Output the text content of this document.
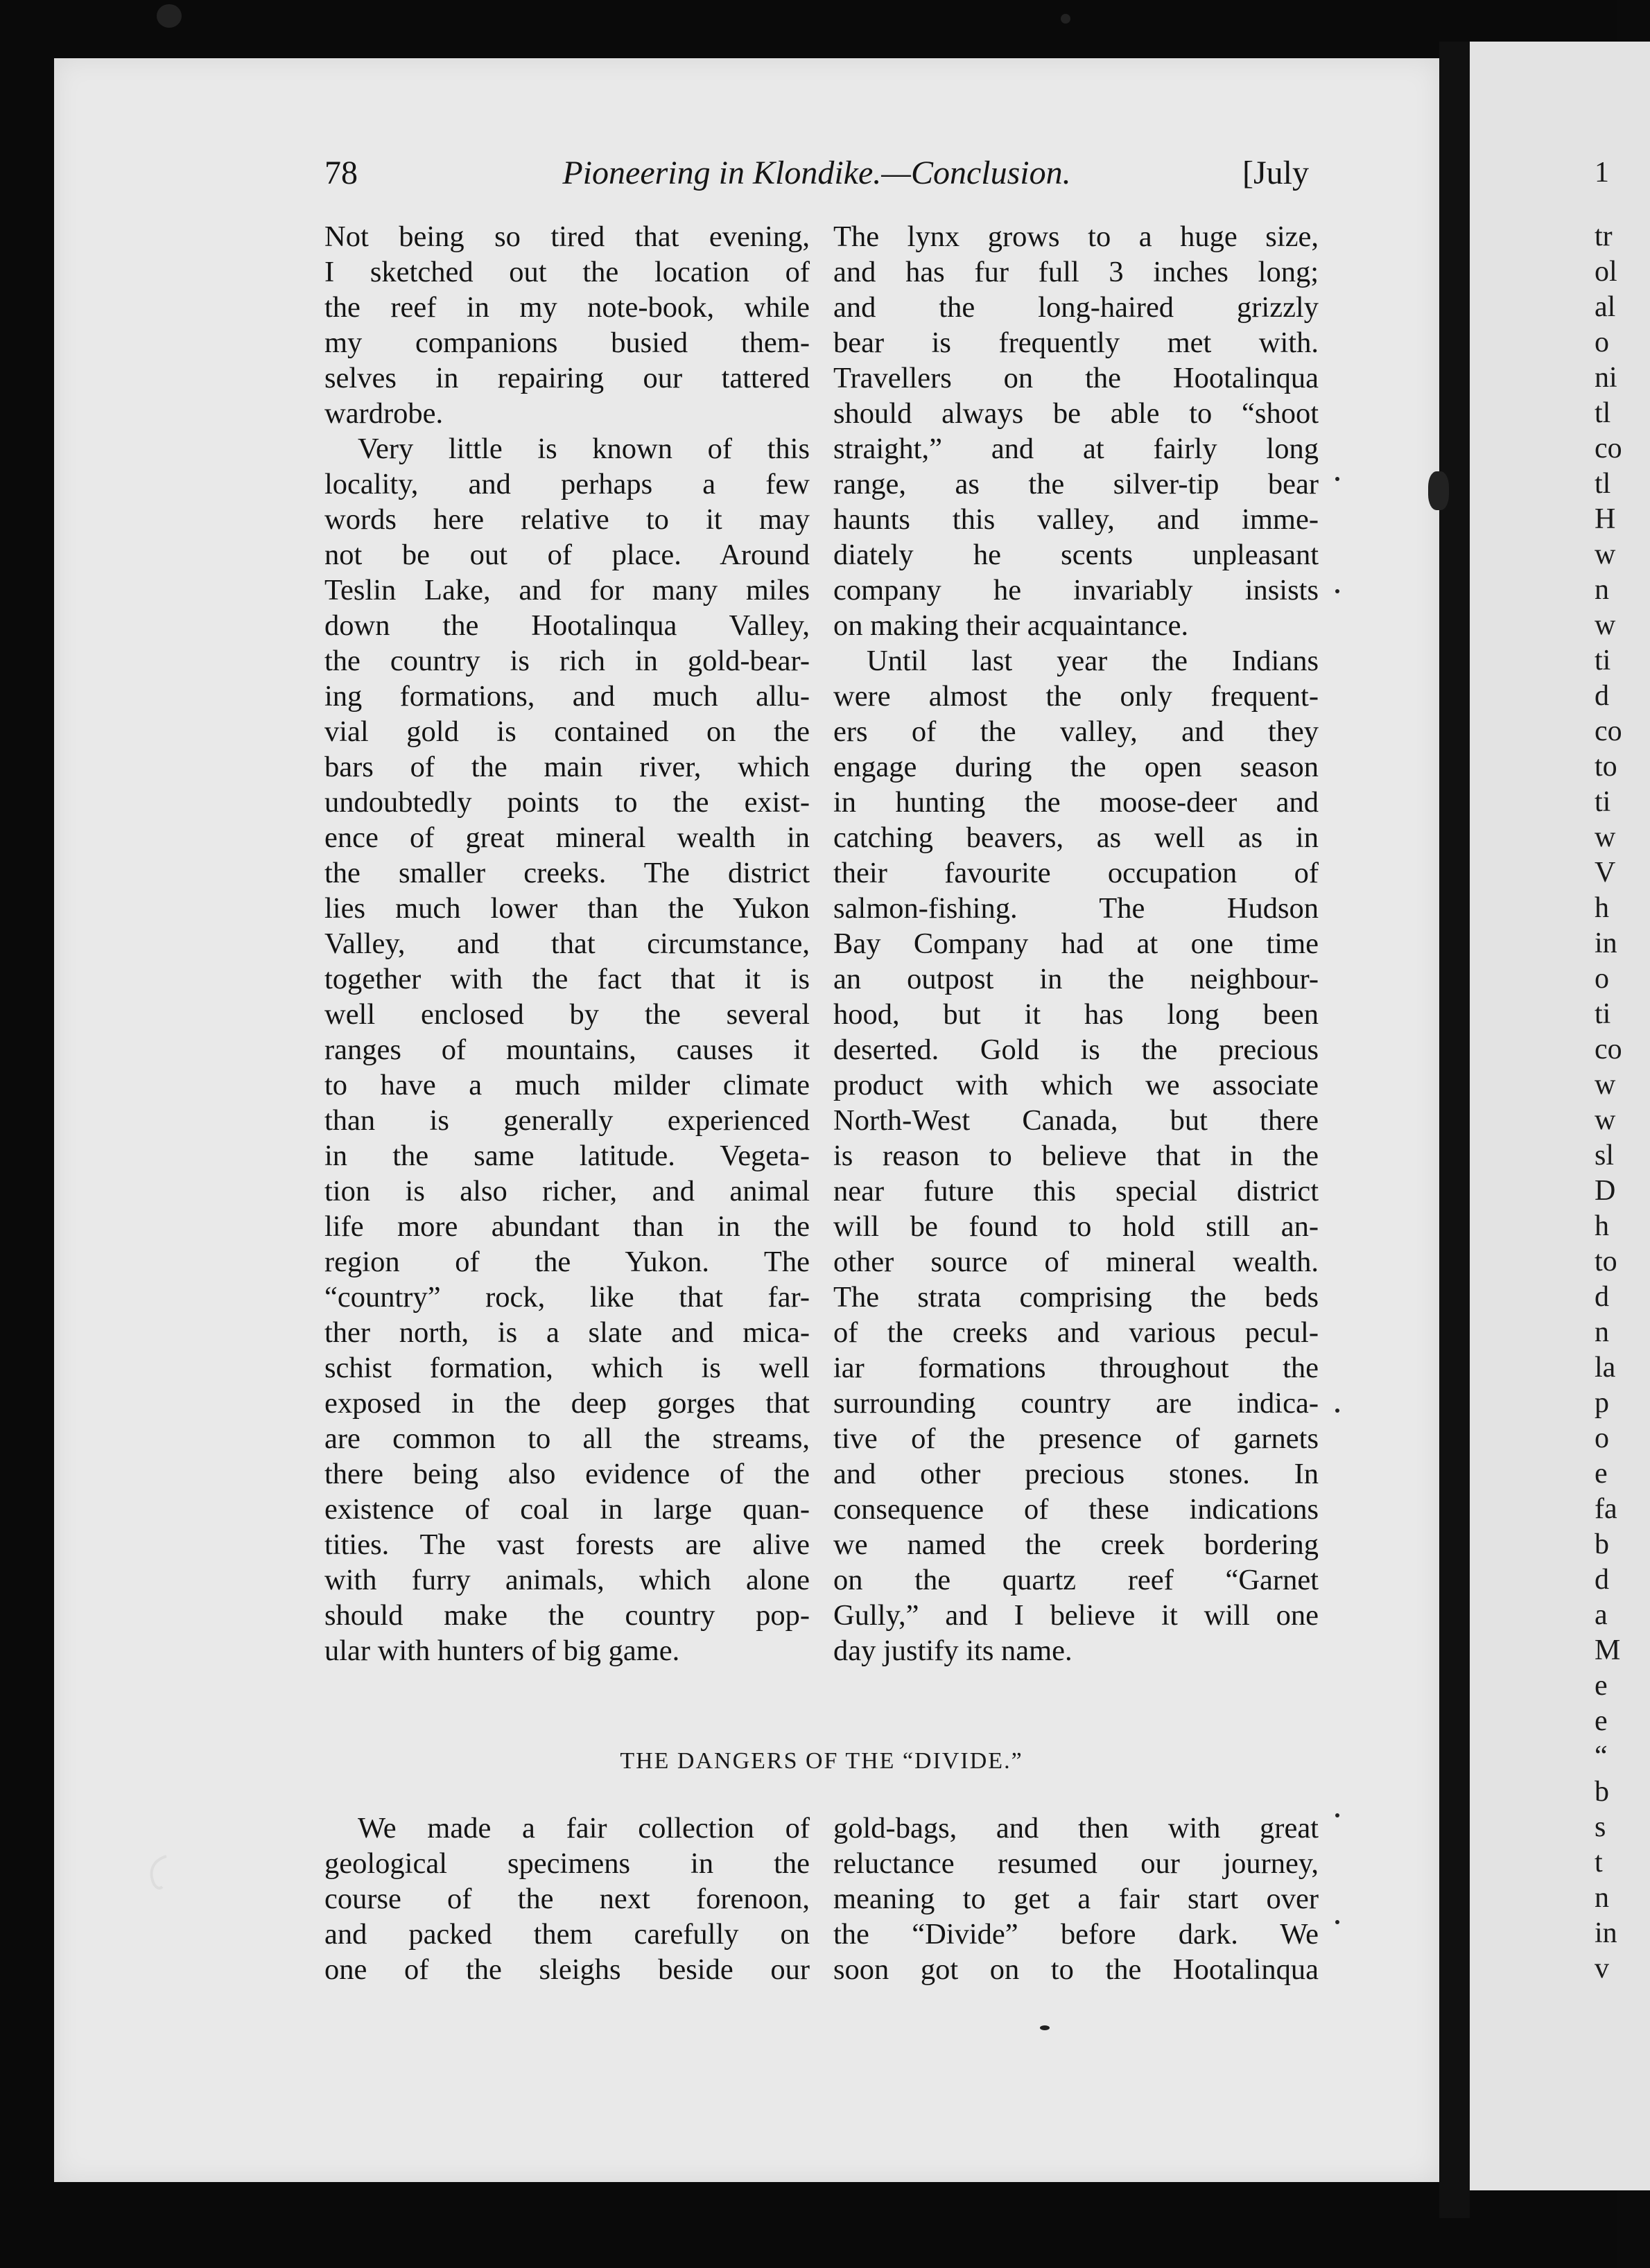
1
tr
ol
al
o
ni
tl
co
tl
H
w
n
w
ti
d
co
to
ti
w
V
h
in
o
ti
co
w
w
sl
D
h
to
d
n
la
p
o
e
fa
b
d
a
M
e
e
“
b
s
t
n
in
v
78	Pioneering in Klondike.—Conclusion.	[July
Not being so tired that evening,
I sketched out the location of
the reef in my note-book, while
my companions busied them-
selves in repairing our tattered
wardrobe.
Very little is known of this
locality, and perhaps a few
words here relative to it may
not be out of place. Around
Teslin Lake, and for many miles
down the Hootalinqua Valley,
the country is rich in gold-bear-
ing formations, and much allu-
vial gold is contained on the
bars of the main river, which
undoubtedly points to the exist-
ence of great mineral wealth in
the smaller creeks. The district
lies much lower than the Yukon
Valley, and that circumstance,
together with the fact that it is
well enclosed by the several
ranges of mountains, causes it
to have a much milder climate
than is generally experienced
in the same latitude. Vegeta-
tion is also richer, and animal
life more abundant than in the
region of the Yukon. The
“country” rock, like that far-
ther north, is a slate and mica-
schist formation, which is well
exposed in the deep gorges that
are common to all the streams,
there being also evidence of the
existence of coal in large quan-
tities. The vast forests are alive
with furry animals, which alone
should make the country pop-
ular with hunters of big game.
The lynx grows to a huge size,
and has fur full 3 inches long;
and the long-haired grizzly
bear is frequently met with.
Travellers on the Hootalinqua
should always be able to “shoot
straight,” and at fairly long
range, as the silver-tip bear
haunts this valley, and imme-
diately he scents unpleasant
company he invariably insists
on making their acquaintance.
Until last year the Indians
were almost the only frequent-
ers of the valley, and they
engage during the open season
in hunting the moose-deer and
catching beavers, as well as in
their favourite occupation of
salmon-fishing. The Hudson
Bay Company had at one time
an outpost in the neighbour-
hood, but it has long been
deserted. Gold is the precious
product with which we associate
North-West Canada, but there
is reason to believe that in the
near future this special district
will be found to hold still an-
other source of mineral wealth.
The strata comprising the beds
of the creeks and various pecul-
iar formations throughout the
surrounding country are indica-
tive of the presence of garnets
and other precious stones. In
consequence of these indications
we named the creek bordering
on the quartz reef “Garnet
Gully,” and I believe it will one
day justify its name.
THE DANGERS OF THE “DIVIDE.”
We made a fair collection of
geological specimens in the
course of the next forenoon,
and packed them carefully on
one of the sleighs beside our
gold-bags, and then with great
reluctance resumed our journey,
meaning to get a fair start over
the “Divide” before dark. We
soon got on to the Hootalinqua
